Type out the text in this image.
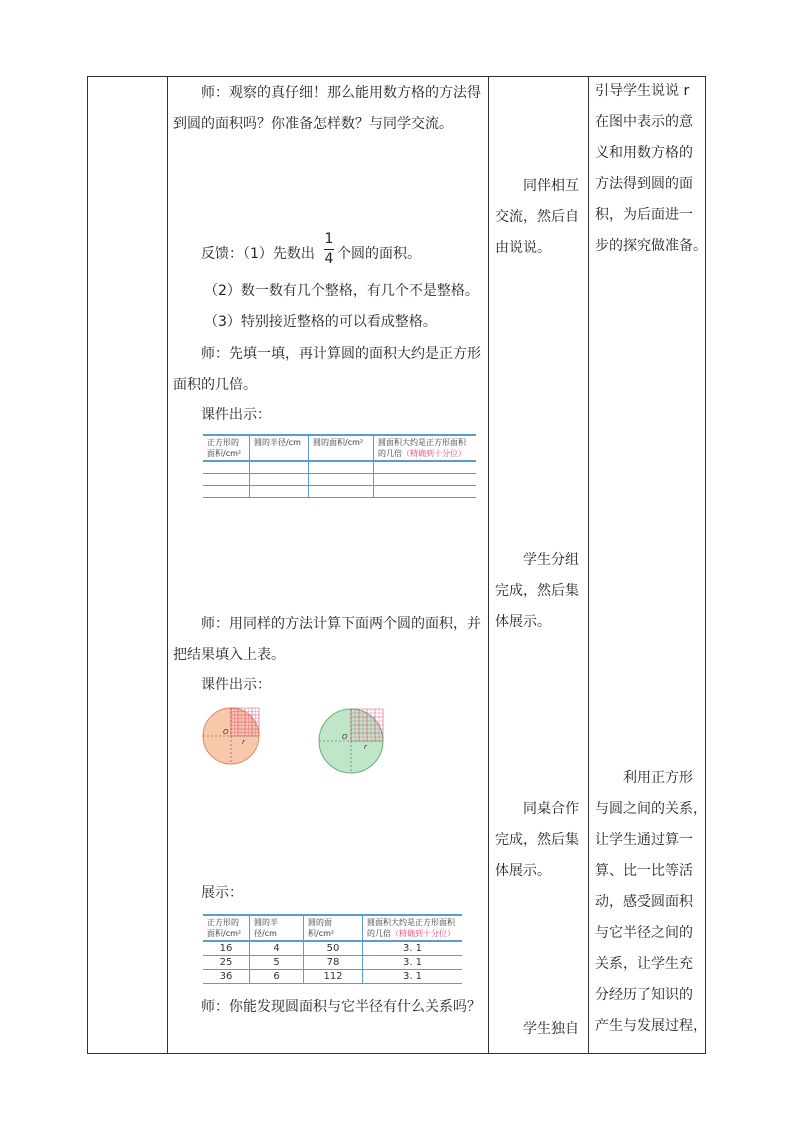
师：观察的真仔细！那么能用数方格的方法得
到圆的面积吗？你准备怎样数？与同学交流。
反馈：（1）先数出
1
4 个圆的面积。
（2）数一数有几个整格，有几个不是整格。
（3）特别接近整格的可以看成整格。
师：先填一填，再计算圆的面积大约是正方形
面积的几倍。
课件出示：
正方形的
面积/cm²	圆的半径/cm	圆的面积/cm²	圆面积大约是正方形面积
的几倍（精确到十分位）

师：用同样的方法计算下面两个圆的面积，并
把结果填入上表。
课件出示：
O
r
O
r
展示：
正方形的
面积/cm²	圆的半径/cm	圆的面积/cm²	圆面积大约是正方形面积
的几倍（精确到十分位）
16	4	50	3. 1
25	5	78	3. 1
36	6	112	3. 1
师：你能发现圆面积与它半径有什么关系吗？
同伴相互
交流，然后自
由说说。
学生分组
完成，然后集
体展示。
同桌合作
完成，然后集
体展示。
学生独自
引导学生说说 r
在图中表示的意
义和用数方格的
方法得到圆的面
积，为后面进一
步的探究做准备。
利用正方形
与圆之间的关系，
让学生通过算一
算、比一比等活
动，感受圆面积
与它半径之间的
关系，让学生充
分经历了知识的
产生与发展过程，
